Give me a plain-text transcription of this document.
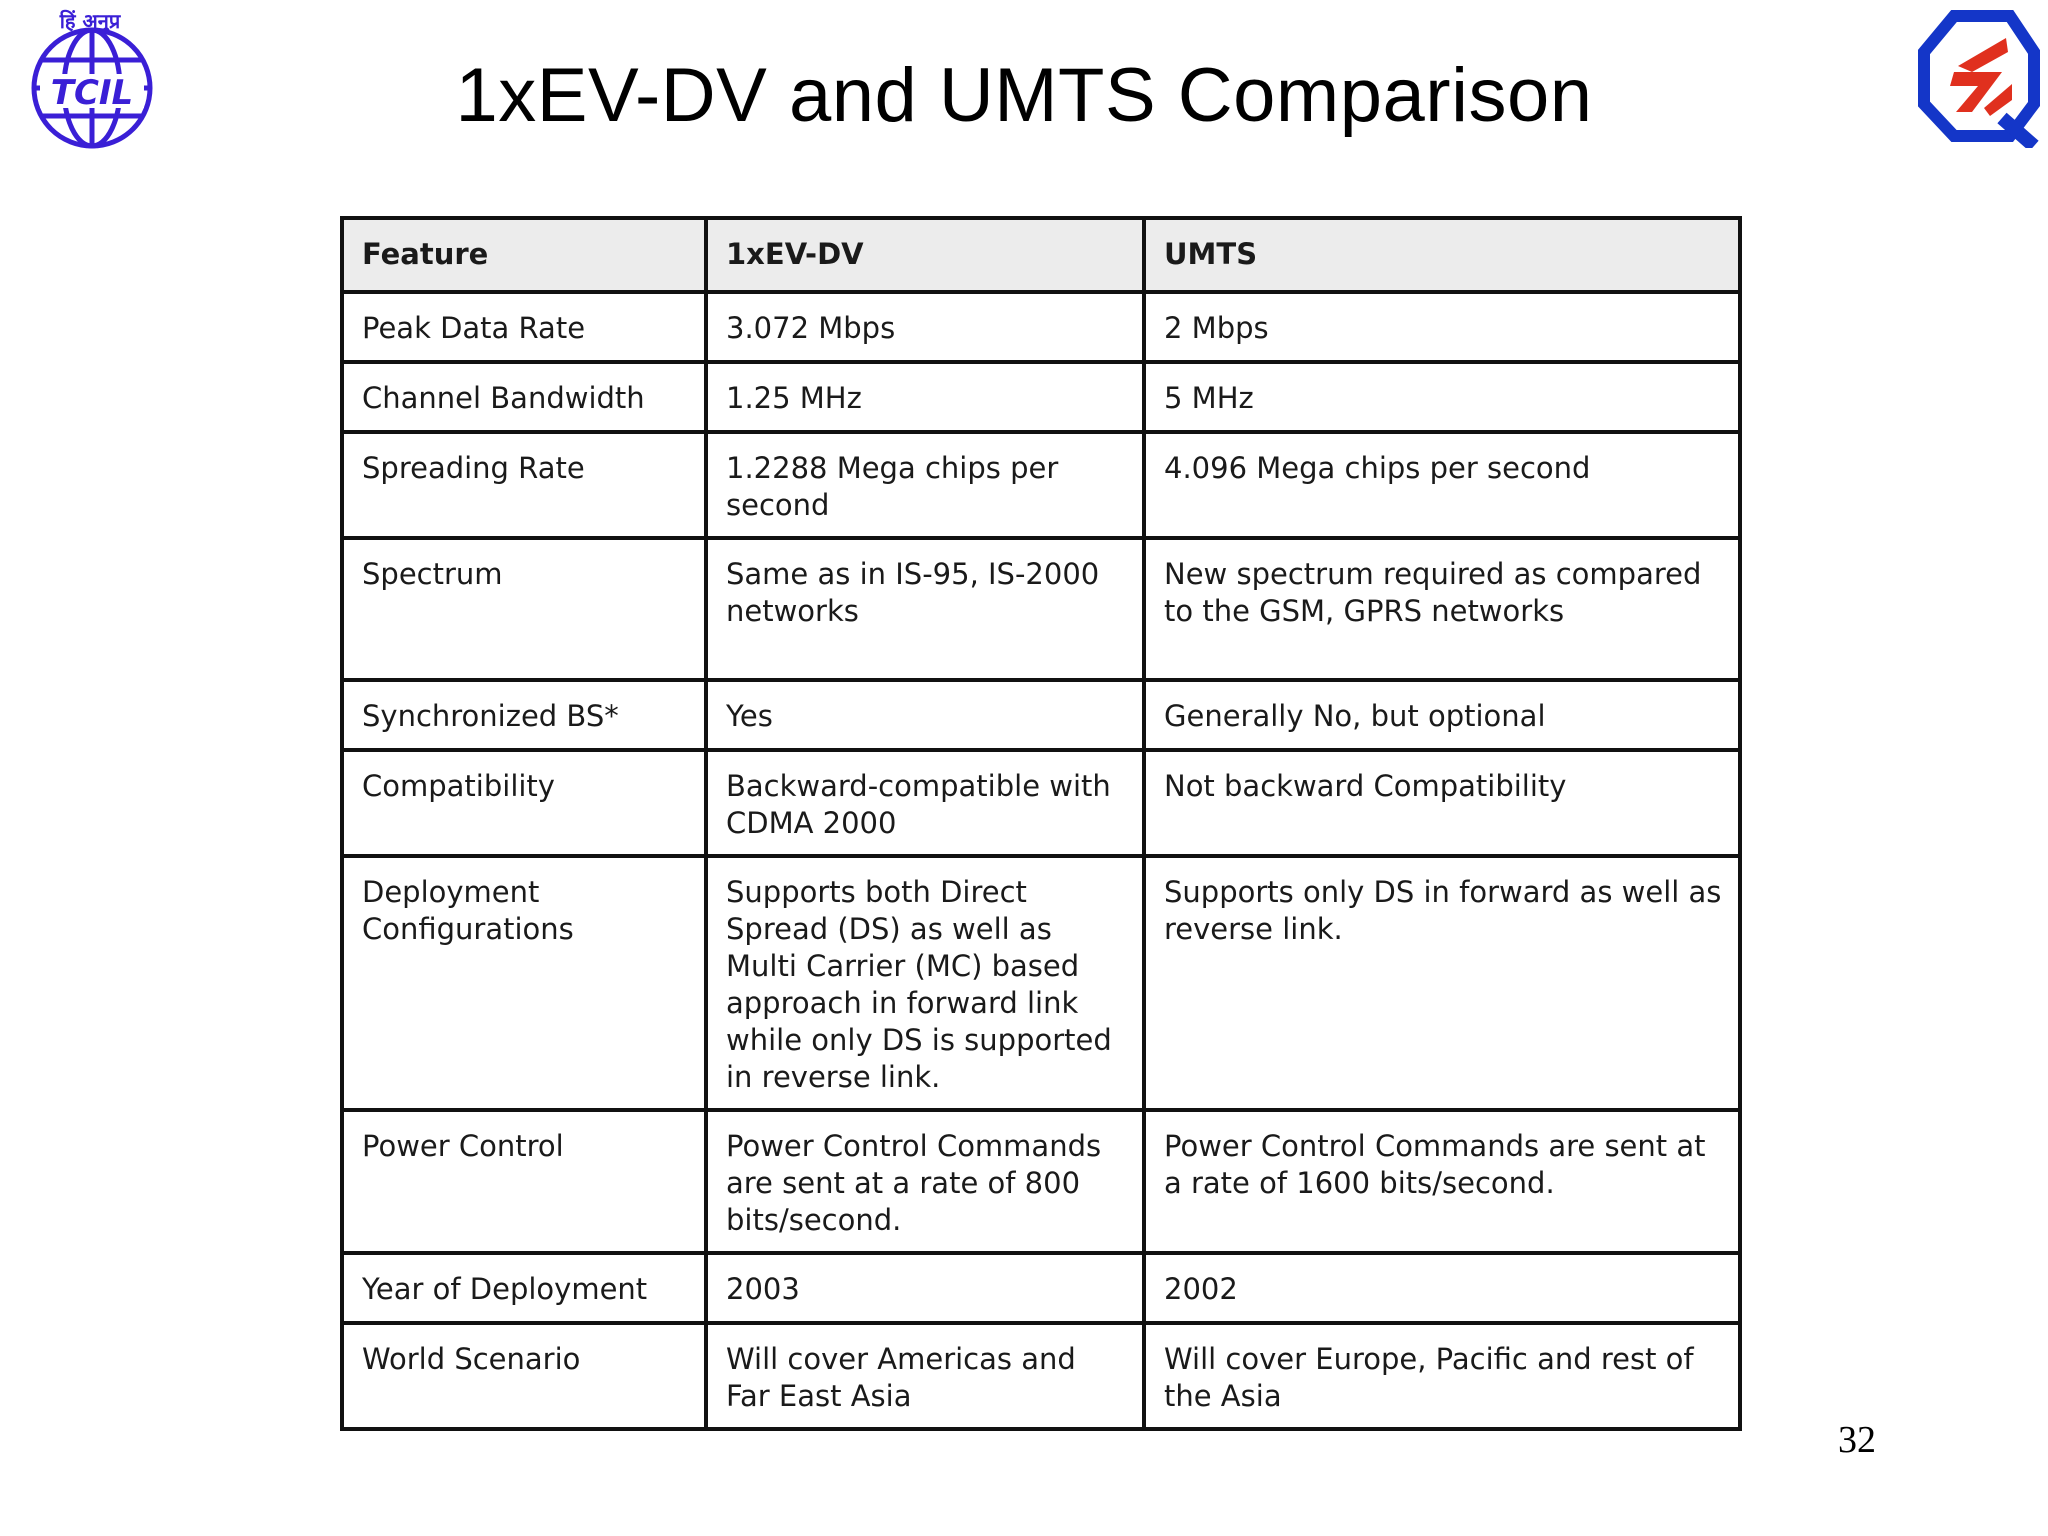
TCIL
हिं अनुप्र
1xEV-DV and UMTS Comparison
Feature	1xEV-DV	UMTS
Peak Data Rate	3.072 Mbps	2 Mbps
Channel Bandwidth	1.25 MHz	5 MHz
Spreading Rate	1.2288 Mega chips per second	4.096 Mega chips per second
Spectrum	Same as in IS-95, IS-2000 networks	New spectrum required as compared to the GSM, GPRS networks
Synchronized BS*	Yes	Generally No, but optional
Compatibility	Backward-compatible with CDMA 2000	Not backward Compatibility
Deployment Configurations	Supports both Direct Spread (DS) as well as Multi Carrier (MC) based approach in forward link while only DS is supported in reverse link.	Supports only DS in forward as well as reverse link.
Power Control	Power Control Commands are sent at a rate of 800 bits/second.	Power Control Commands are sent at a rate of 1600 bits/second.
Year of Deployment	2003	2002
World Scenario	Will cover Americas and Far East Asia	Will cover Europe, Pacific and rest of the Asia
32
